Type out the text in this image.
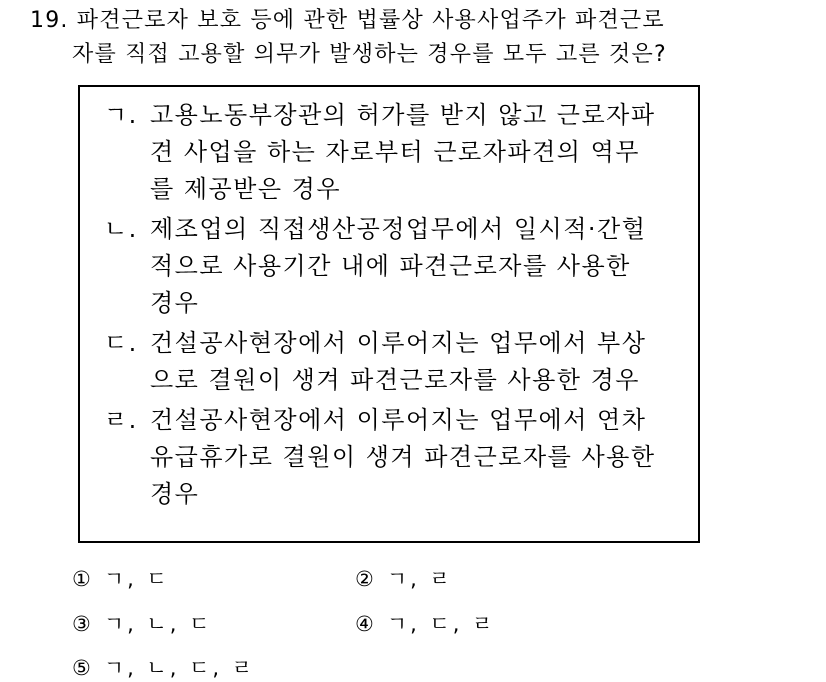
19. 파견근로자 보호 등에 관한 법률상 사용사업주가 파견근로
자를 직접 고용할 의무가 발생하는 경우를 모두 고른 것은?
ㄱ. 고용노동부장관의 허가를 받지 않고 근로자파
견 사업을 하는 자로부터 근로자파견의 역무
를 제공받은 경우
ㄴ. 제조업의 직접생산공정업무에서 일시적·간헐
적으로 사용기간 내에 파견근로자를 사용한
경우
ㄷ. 건설공사현장에서 이루어지는 업무에서 부상
으로 결원이 생겨 파견근로자를 사용한 경우
ㄹ. 건설공사현장에서 이루어지는 업무에서 연차
유급휴가로 결원이 생겨 파견근로자를 사용한
경우
① ㄱ, ㄷ	② ㄱ, ㄹ
③ ㄱ, ㄴ, ㄷ	④ ㄱ, ㄷ, ㄹ
⑤ ㄱ, ㄴ, ㄷ, ㄹ
